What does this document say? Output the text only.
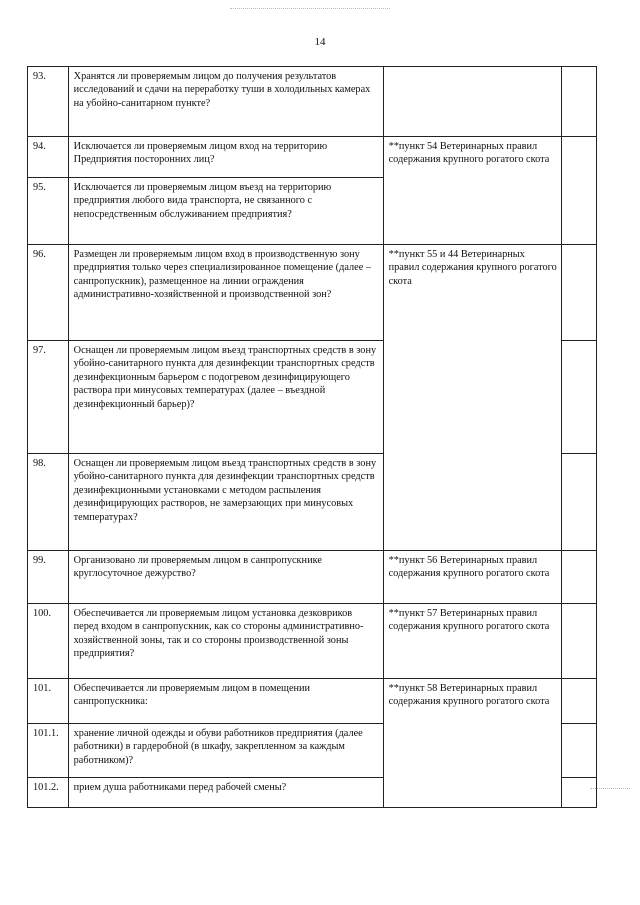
14
93.	Хранятся ли проверяемым лицом до получения результатов исследований и сдачи на переработку туши в холодильных камерах на убойно-санитарном пункте?		
94.	Исключается ли проверяемым лицом вход на территорию Предприятия посторонних лиц?	**пункт 54 Ветеринарных правил содержания крупного рогатого скота	
95.	Исключается ли проверяемым лицом въезд на территорию предприятия любого вида транспорта, не связанного с непосредственным обслуживанием предприятия?		
96.	Размещен ли проверяемым лицом вход в производственную зону предприятия только через специализированное помещение (далее – санпропускник), размещенное на линии ограждения административно-хозяйственной и производственной зон?	**пункт 55 и 44 Ветеринарных правил содержания крупного рогатого скота	
97.	Оснащен ли проверяемым лицом въезд транспортных средств в зону убойно-санитарного пункта для дезинфекции транспортных средств дезинфекционным барьером с подогревом дезинфицирующего раствора при минусовых температурах (далее – въездной дезинфекционный барьер)?		
98.	Оснащен ли проверяемым лицом въезд транспортных средств в зону убойно-санитарного пункта для дезинфекции транспортных средств дезинфекционными установками с методом распыления дезинфицирующих растворов, не замерзающих при минусовых температурах?		
99.	Организовано ли проверяемым лицом в санпропускнике круглосуточное дежурство?	**пункт 56 Ветеринарных правил содержания крупного рогатого скота	
100.	Обеспечивается ли проверяемым лицом установка дезковриков перед входом в санпропускник, как со стороны административно-хозяйственной зоны, так и со стороны производственной зоны предприятия?	**пункт 57 Ветеринарных правил содержания крупного рогатого скота	
101.	Обеспечивается ли проверяемым лицом в помещении санпропускника:	**пункт 58 Ветеринарных правил содержания крупного рогатого скота	
101.1.	хранение личной одежды и обуви работников предприятия (далее работники) в гардеробной (в шкафу, закрепленном за каждым работником)?		
101.2.	прием душа работниками перед рабочей смены?		
